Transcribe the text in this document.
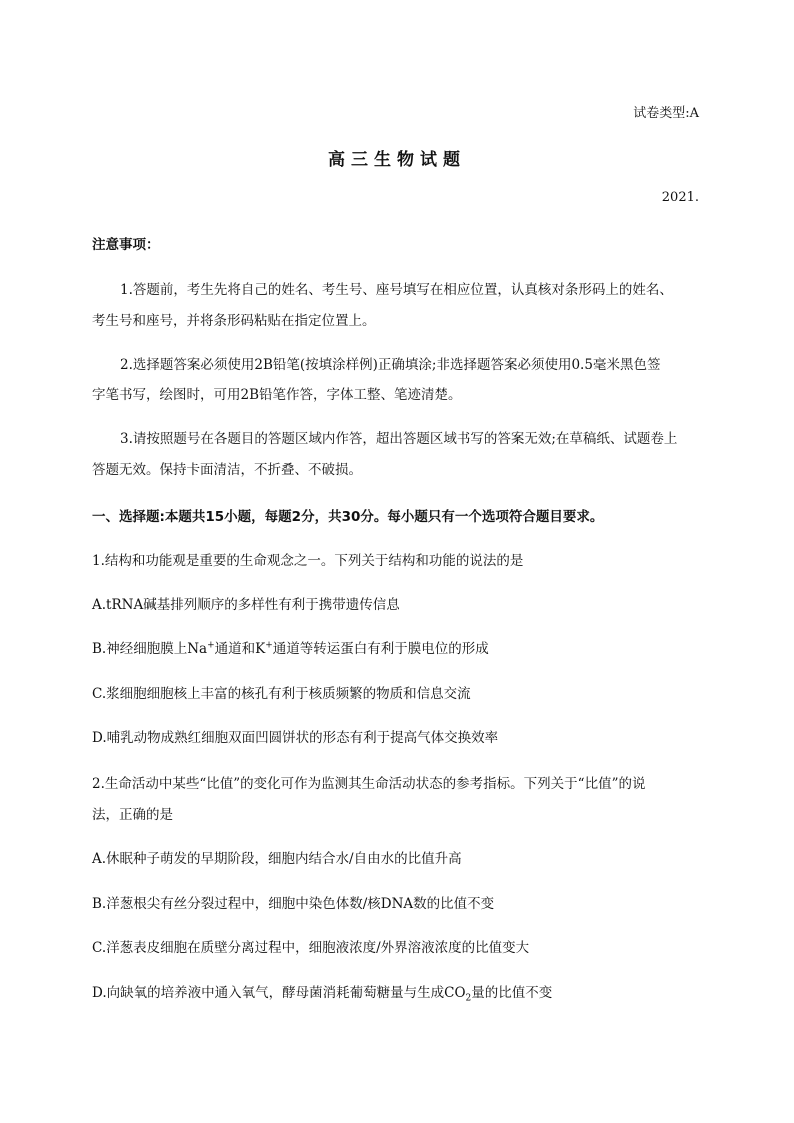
试卷类型:A
高三生物试题
2021.
注意事项：
1.答题前，考生先将自己的姓名、考生号、座号填写在相应位置，认真核对条形码上的姓名、
考生号和座号，并将条形码粘贴在指定位置上。
2.选择题答案必须使用2B铅笔(按填涂样例)正确填涂;非选择题答案必须使用0.5毫米黑色签
字笔书写，绘图时，可用2B铅笔作答，字体工整、笔迹清楚。
3.请按照题号在各题目的答题区域内作答，超出答题区域书写的答案无效;在草稿纸、试题卷上
答题无效。保持卡面清洁，不折叠、不破损。
一、选择题:本题共15小题，每题2分，共30分。每小题只有一个选项符合题目要求。
1.结构和功能观是重要的生命观念之一。下列关于结构和功能的说法的是
A.tRNA碱基排列顺序的多样性有利于携带遗传信息
B.神经细胞膜上Na+通道和K+通道等转运蛋白有利于膜电位的形成
C.浆细胞细胞核上丰富的核孔有利于核质频繁的物质和信息交流
D.哺乳动物成熟红细胞双面凹圆饼状的形态有利于提高气体交换效率
2.生命活动中某些“比值”的变化可作为监测其生命活动状态的参考指标。下列关于“比值”的说
法，正确的是
A.休眠种子萌发的早期阶段，细胞内结合水/自由水的比值升高
B.洋葱根尖有丝分裂过程中，细胞中染色体数/核DNA数的比值不变
C.洋葱表皮细胞在质壁分离过程中，细胞液浓度/外界溶液浓度的比值变大
D.向缺氧的培养液中通入氧气，酵母菌消耗葡萄糖量与生成$CO_2$量的比值不变
